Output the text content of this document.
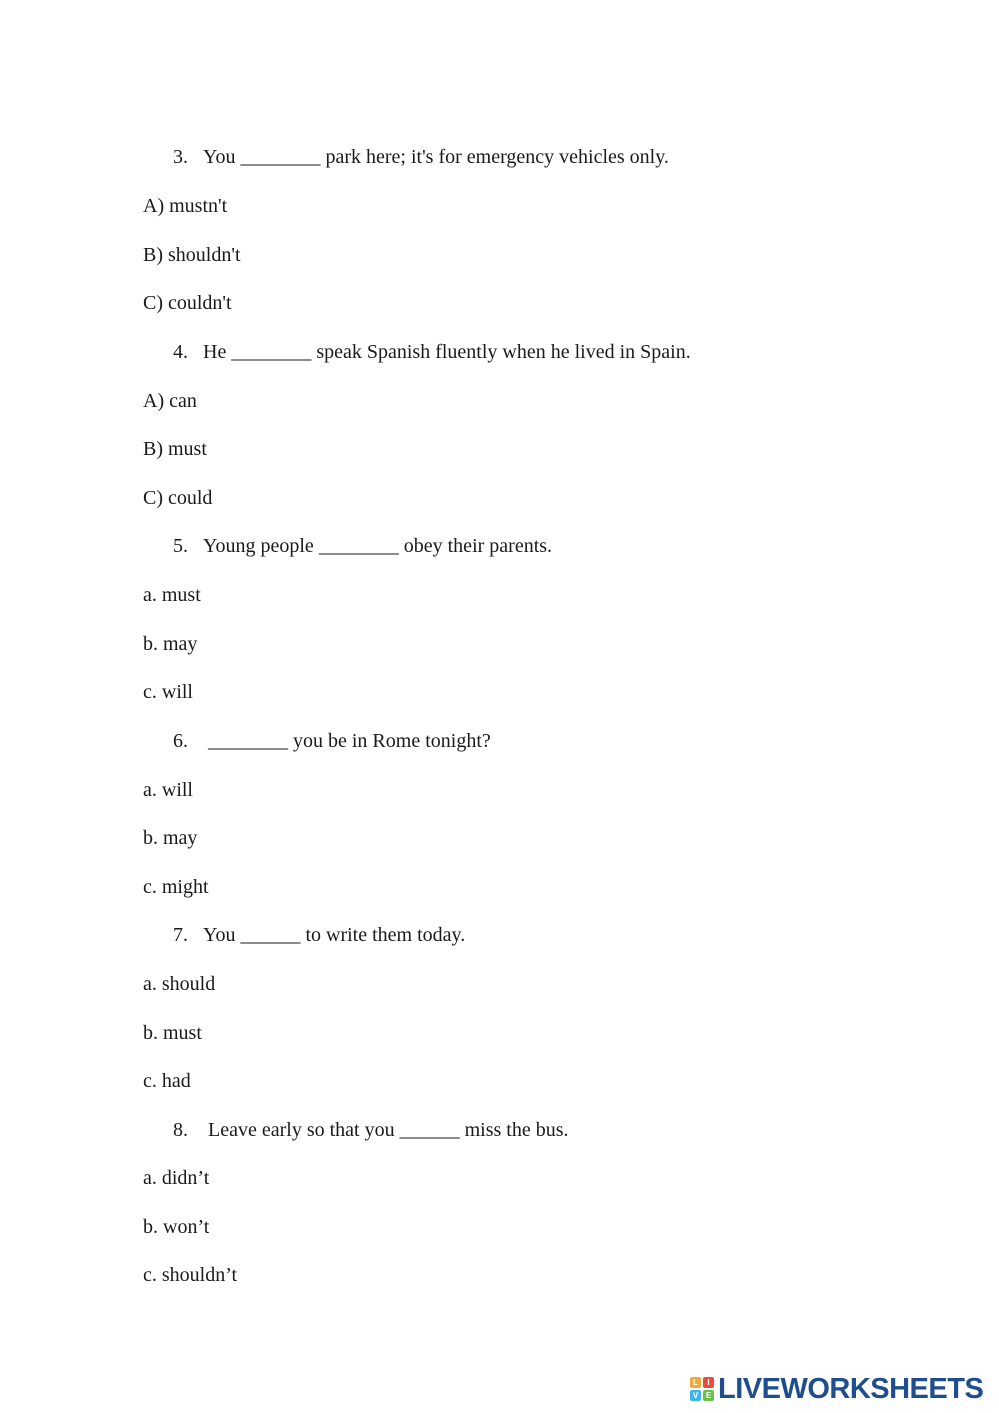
3. You ________ park here; it's for emergency vehicles only.
A) mustn't
B) shouldn't
C) couldn't
4. He ________ speak Spanish fluently when he lived in Spain.
A) can
B) must
C) could
5. Young people ________ obey their parents.
a. must
b. may
c. will
6. ________ you be in Rome tonight?
a. will
b. may
c. might
7. You ______ to write them today.
a. should
b. must
c. had
8. Leave early so that you ______ miss the bus.
a. didn’t
b. won’t
c. shouldn’t
L	I
V E LIVEWORKSHEETS
